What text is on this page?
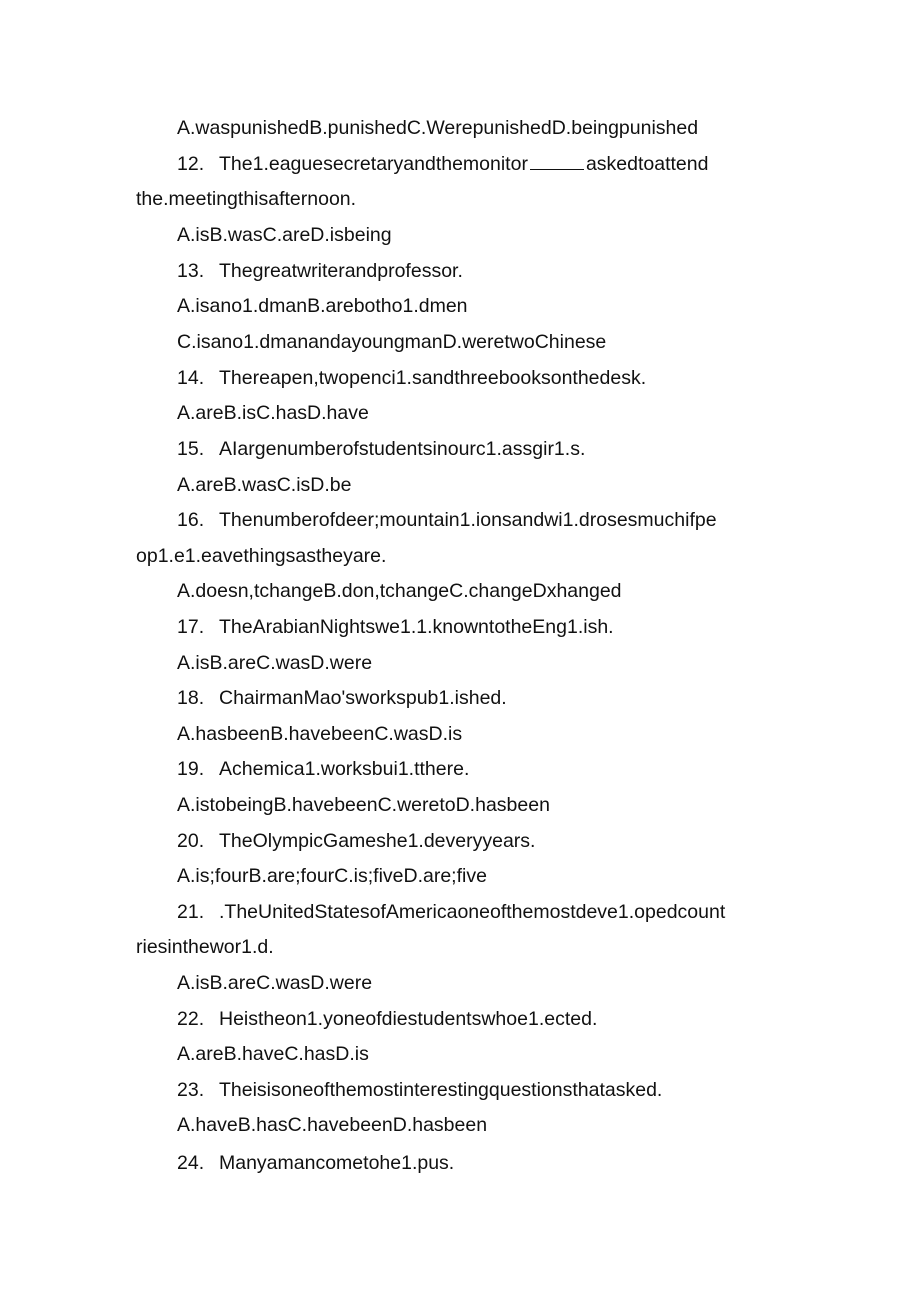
A.waspunishedB.punishedC.WerepunishedD.beingpunished
12. The1.eaguesecretaryandthemonitor	askedtoattend
the.meetingthisafternoon.
A.isB.wasC.areD.isbeing
13. Thegreatwriterandprofessor.
A.isano1.dmanB.arebotho1.dmen
C.isano1.dmanandayoungmanD.weretwoChinese
14. Thereapen,twopenci1.sandthreebooksonthedesk.
A.areB.isC.hasD.have
15. AIargenumberofstudentsinourc1.assgir1.s.
A.areB.wasC.isD.be
16. Thenumberofdeer;mountain1.ionsandwi1.drosesmuchifpe
op1.e1.eavethingsastheyare.
A.doesn,tchangeB.don,tchangeC.changeDxhanged
17. TheArabianNightswe1.1.knowntotheEng1.ish.
A.isB.areC.wasD.were
18. ChairmanMao'sworkspub1.ished.
A.hasbeenB.havebeenC.wasD.is
19. Achemica1.worksbui1.tthere.
A.istobeingB.havebeenC.weretoD.hasbeen
20. TheOlympicGameshe1.deveryyears.
A.is;fourB.are;fourC.is;fiveD.are;five
21. .TheUnitedStatesofAmericaoneofthemostdeve1.opedcount
riesinthewor1.d.
A.isB.areC.wasD.were
22. Heistheon1.yoneofdiestudentswhoe1.ected.
A.areB.haveC.hasD.is
23. Theisisoneofthemostinterestingquestionsthatasked.
A.haveB.hasC.havebeenD.hasbeen
24. Manyamancometohe1.pus.
